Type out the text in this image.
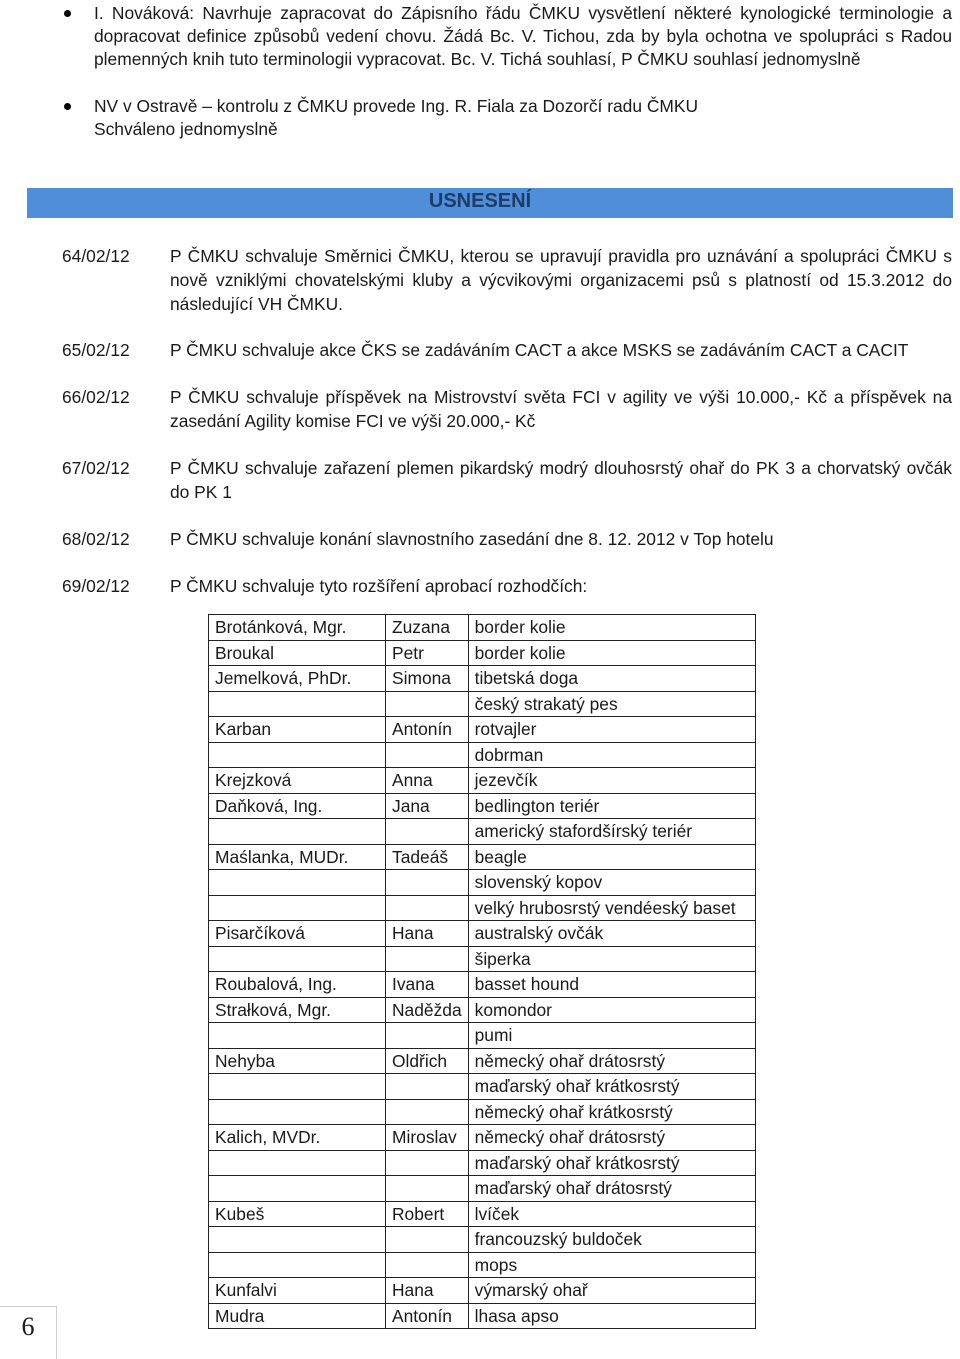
I. Nováková: Navrhuje zapracovat do Zápisního řádu ČMKU vysvětlení některé kynologické terminologie a dopracovat definice způsobů vedení chovu. Žádá Bc. V. Tichou, zda by byla ochotna ve spolupráci s Radou plemenných knih tuto terminologii vypracovat. Bc. V. Tichá souhlasí, P ČMKU souhlasí jednomyslně
NV v Ostravě – kontrolu z ČMKU provede Ing. R. Fiala za Dozorčí radu ČMKU
Schváleno jednomyslně
USNESENÍ
64/02/12	P ČMKU schvaluje Směrnici ČMKU, kterou se upravují pravidla pro uznávání a spolupráci ČMKU s nově vzniklými chovatelskými kluby a výcvikovými organizacemi psů s platností od 15.3.2012 do následující VH ČMKU.
65/02/12	P ČMKU schvaluje akce ČKS se zadáváním CACT a akce MSKS se zadáváním CACT a CACIT
66/02/12	P ČMKU schvaluje příspěvek na Mistrovství světa FCI v agility ve výši 10.000,- Kč a příspěvek na zasedání Agility komise FCI ve výši 20.000,- Kč
67/02/12	P ČMKU schvaluje zařazení plemen pikardský modrý dlouhosrstý ohař do PK 3 a chorvatský ovčák do PK 1
68/02/12	P ČMKU schvaluje konání slavnostního zasedání dne 8. 12. 2012 v Top hotelu
69/02/12	P ČMKU schvaluje tyto rozšíření aprobací rozhodčích:
Brotánková, Mgr.	Zuzana	border kolie
Broukal	Petr	border kolie
Jemelková, PhDr.	Simona	tibetská doga
		český strakatý pes
Karban	Antonín	rotvajler
		dobrman
Krejzková	Anna	jezevčík
Daňková, Ing.	Jana	bedlington teriér
		americký stafordšírský teriér
Maślanka, MUDr.	Tadeáš	beagle
		slovenský kopov
		velký hrubosrstý vendéeský baset
Pisarčíková	Hana	australský ovčák
		šiperka
Roubalová, Ing.	Ivana	basset hound
Strałková, Mgr.	Naděžda	komondor
		pumi
Nehyba	Oldřich	německý ohař drátosrstý
		maďarský ohař krátkosrstý
		německý ohař krátkosrstý
Kalich, MVDr.	Miroslav	německý ohař drátosrstý
		maďarský ohař krátkosrstý
		maďarský ohař drátosrstý
Kubeš	Robert	lvíček
		francouzský buldoček
		mops
Kunfalvi	Hana	výmarský ohař
Mudra	Antonín	lhasa apso
6
